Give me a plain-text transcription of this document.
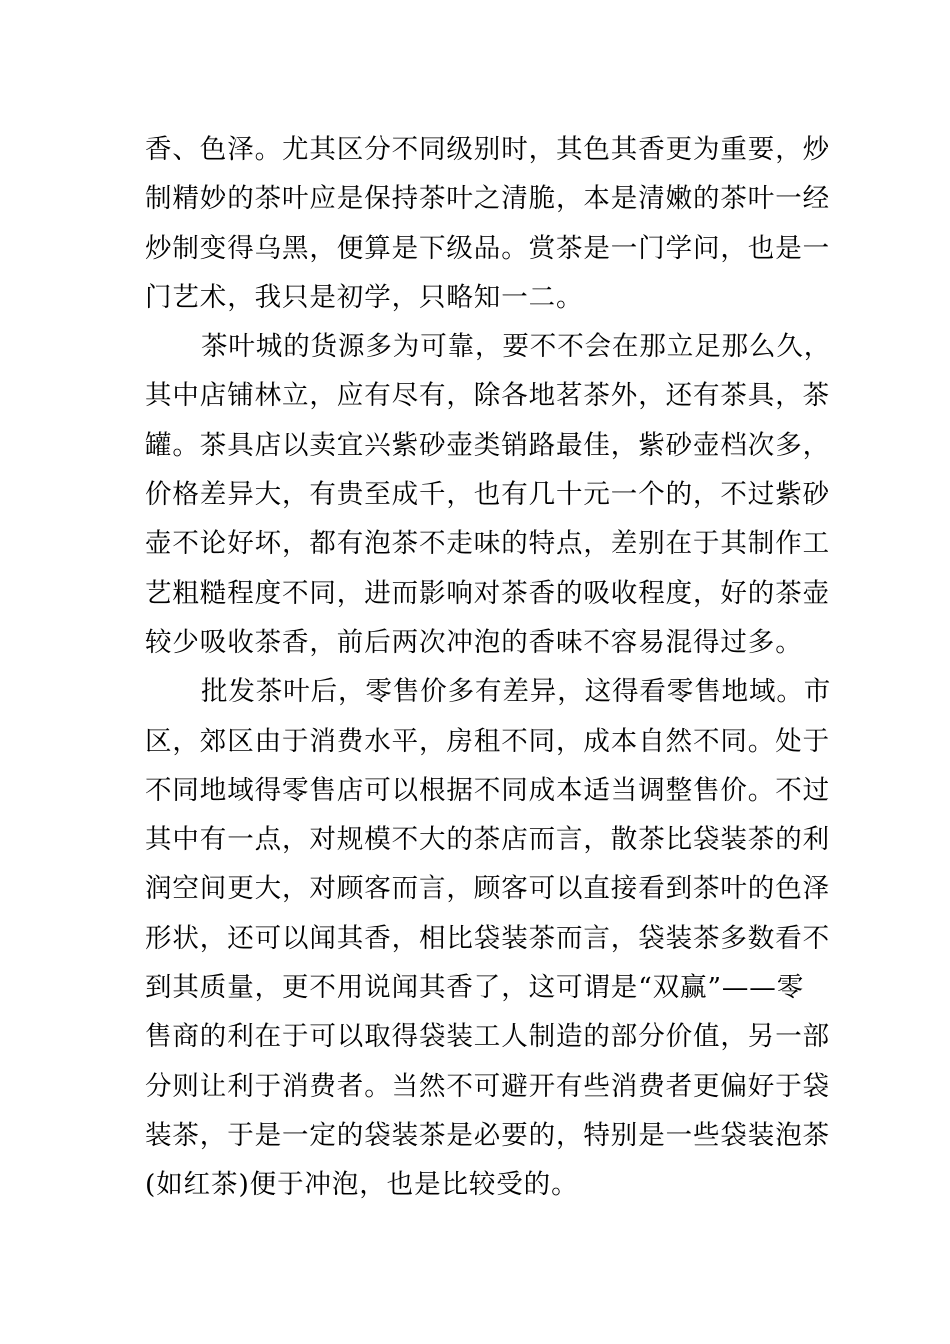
香、色泽。尤其区分不同级别时，其色其香更为重要，炒
制精妙的茶叶应是保持茶叶之清脆，本是清嫩的茶叶一经
炒制变得乌黑，便算是下级品。赏茶是一门学问，也是一
门艺术，我只是初学，只略知一二。
茶叶城的货源多为可靠，要不不会在那立足那么久，
其中店铺林立，应有尽有，除各地茗茶外，还有茶具，茶
罐。茶具店以卖宜兴紫砂壶类销路最佳，紫砂壶档次多，
价格差异大，有贵至成千，也有几十元一个的，不过紫砂
壶不论好坏，都有泡茶不走味的特点，差别在于其制作工
艺粗糙程度不同，进而影响对茶香的吸收程度，好的茶壶
较少吸收茶香，前后两次冲泡的香味不容易混得过多。
批发茶叶后，零售价多有差异，这得看零售地域。市
区，郊区由于消费水平，房租不同，成本自然不同。处于
不同地域得零售店可以根据不同成本适当调整售价。不过
其中有一点，对规模不大的茶店而言，散茶比袋装茶的利
润空间更大，对顾客而言，顾客可以直接看到茶叶的色泽
形状，还可以闻其香，相比袋装茶而言，袋装茶多数看不
到其质量，更不用说闻其香了，这可谓是“双赢”——零
售商的利在于可以取得袋装工人制造的部分价值，另一部
分则让利于消费者。当然不可避开有些消费者更偏好于袋
装茶，于是一定的袋装茶是必要的，特别是一些袋装泡茶
(如红茶)便于冲泡，也是比较受的。
